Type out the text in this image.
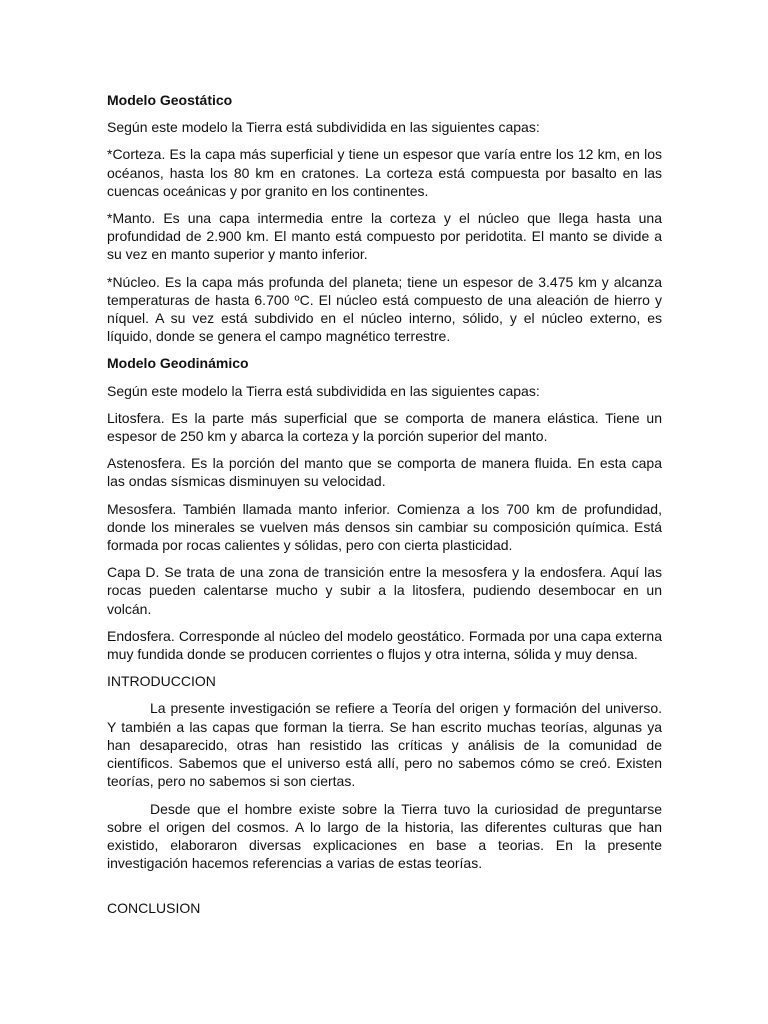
Modelo Geostático
Según este modelo la Tierra está subdividida en las siguientes capas:
*Corteza. Es la capa más superficial y tiene un espesor que varía entre los 12 km, en los océanos, hasta los 80 km en cratones. La corteza está compuesta por basalto en las cuencas oceánicas y por granito en los continentes.
*Manto. Es una capa intermedia entre la corteza y el núcleo que llega hasta una profundidad de 2.900 km. El manto está compuesto por peridotita. El manto se divide a su vez en manto superior y manto inferior.
*Núcleo. Es la capa más profunda del planeta; tiene un espesor de 3.475 km y alcanza temperaturas de hasta 6.700 ºC. El núcleo está compuesto de una aleación de hierro y níquel. A su vez está subdivido en el núcleo interno, sólido, y el núcleo externo, es líquido, donde se genera el campo magnético terrestre.
Modelo Geodinámico
Según este modelo la Tierra está subdividida en las siguientes capas:
Litosfera. Es la parte más superficial que se comporta de manera elástica. Tiene un espesor de 250 km y abarca la corteza y la porción superior del manto.
Astenosfera. Es la porción del manto que se comporta de manera fluida. En esta capa las ondas sísmicas disminuyen su velocidad.
Mesosfera. También llamada manto inferior. Comienza a los 700 km de profundidad, donde los minerales se vuelven más densos sin cambiar su composición química. Está formada por rocas calientes y sólidas, pero con cierta plasticidad.
Capa D. Se trata de una zona de transición entre la mesosfera y la endosfera. Aquí las rocas pueden calentarse mucho y subir a la litosfera, pudiendo desembocar en un volcán.
Endosfera. Corresponde al núcleo del modelo geostático. Formada por una capa externa muy fundida donde se producen corrientes o flujos y otra interna, sólida y muy densa.
INTRODUCCION
La presente investigación se refiere a Teoría del origen y formación del universo. Y también a las capas que forman la tierra. Se han escrito muchas teorías, algunas ya han desaparecido, otras han resistido las críticas y análisis de la comunidad de científicos. Sabemos que el universo está allí, pero no sabemos cómo se creó. Existen teorías, pero no sabemos si son ciertas.
Desde que el hombre existe sobre la Tierra tuvo la curiosidad de preguntarse sobre el origen del cosmos. A lo largo de la historia, las diferentes culturas que han existido, elaboraron diversas explicaciones en base a teorias. En la presente investigación hacemos referencias a varias de estas teorías.
CONCLUSION
